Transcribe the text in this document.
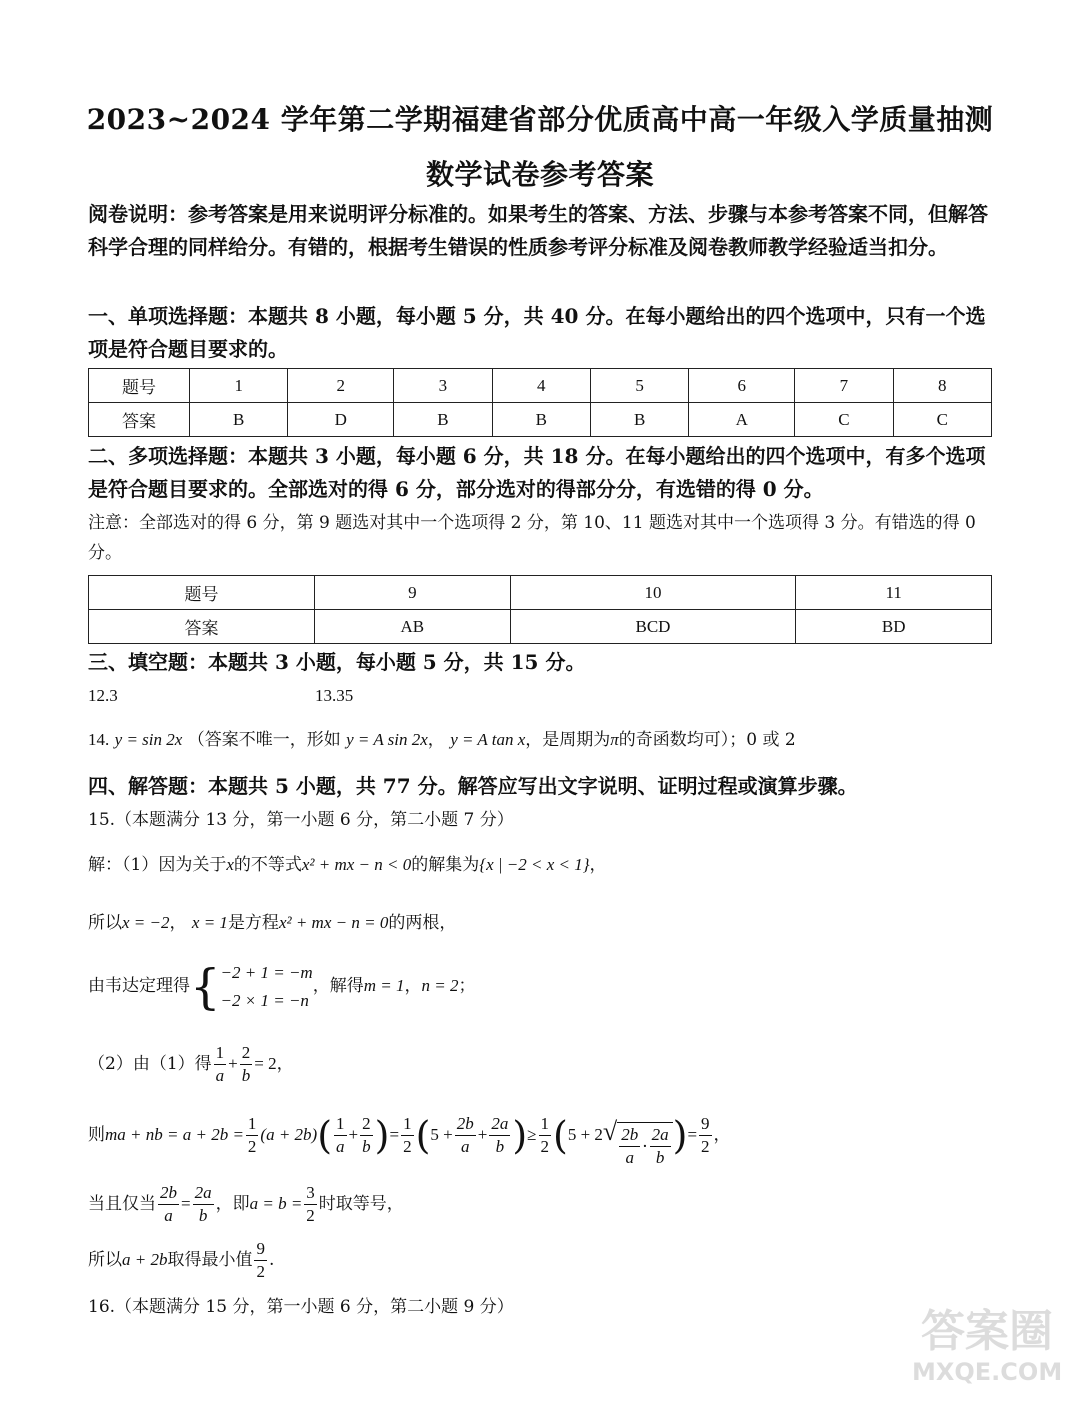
2023~2024 学年第二学期福建省部分优质高中高一年级入学质量抽测
数学试卷参考答案
阅卷说明：参考答案是用来说明评分标准的。如果考生的答案、方法、步骤与本参考答案不同，但解答科学合理的同样给分。有错的，根据考生错误的性质参考评分标准及阅卷教师教学经验适当扣分。
一、单项选择题：本题共 8 小题，每小题 5 分，共 40 分。在每小题给出的四个选项中，只有一个选项是符合题目要求的。
题号	1	2	3	4	5	6	7	8
答案	B	D	B	B	B	A	C	C
二、多项选择题：本题共 3 小题，每小题 6 分，共 18 分。在每小题给出的四个选项中，有多个选项是符合题目要求的。全部选对的得 6 分，部分选对的得部分分，有选错的得 0 分。
注意：全部选对的得 6 分，第 9 题选对其中一个选项得 2 分，第 10、11 题选对其中一个选项得 3 分。有错选的得 0 分。
题号	9	10	11
答案	AB	BCD	BD
三、填空题：本题共 3 小题，每小题 5 分，共 15 分。
12.3	13.35
14. y = sin 2x （答案不唯一，形如 y = A sin 2x， y = A tan x，是周期为π的奇函数均可）；0 或 2
四、解答题：本题共 5 小题，共 77 分。解答应写出文字说明、证明过程或演算步骤。
15.（本题满分 13 分，第一小题 6 分，第二小题 7 分）
解：（1）因为关于x的不等式x² + mx − n < 0的解集为{x | −2 < x < 1}，
所以x = −2， x = 1是方程x² + mx − n = 0的两根，
由韦达定理得{ −2 + 1 = −m
−2 × 1 = −n
，解得m = 1，n = 2；
（2）由（1）得 $\frac{1}{a} + \frac{2}{b} = 2$，
则ma + nb = $a + 2b = \frac{1}{2} (a + 2b)( \frac{1}{a} + \frac{2}{b}$ )= $\frac{1}{2} (5 + \frac{2b}{a} + \frac{2a}{b}$ )≥ $\frac{1}{2} (5 + 2√ \frac{2b}{a} \cdot \frac{2a}{b}$ )= $\frac{9}{2}$ ，
当且仅当 $\frac{2b}{a} = \frac{2a}{b}$ ，即$a = b = \frac{3}{2}$ 时取等号，
所以a + 2b取得最小值 $\frac{9}{2}$ .
16.（本题满分 15 分，第一小题 6 分，第二小题 9 分）	答案圈
MXQE.COM
